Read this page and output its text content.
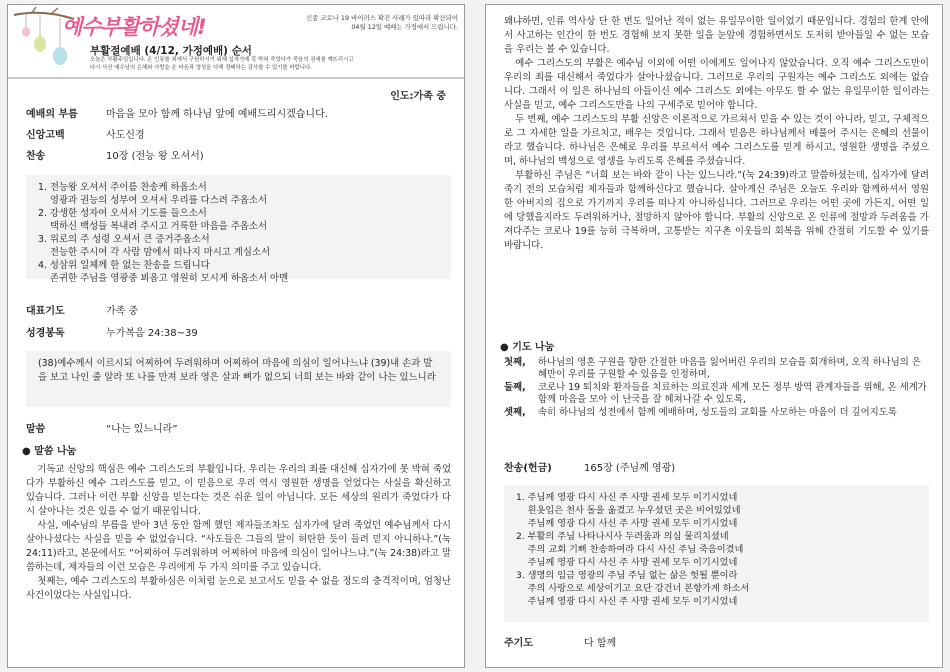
예수부활하셨네!	신종 코로나 19 바이러스 확진 사례가 있따라 확산되어
04월 12일 예배는 가정에서 드립니다.
부활절예배 (4/12, 가정예배) 순서
오늘은 부활주일입니다. 온 인류를 죄에서 구원하시기 위해 십자가에 못 박혀 죽었다가 죽음의 권세를 깨뜨리시고
다시 사신 예수님의 은혜와 사랑을 온 마음과 정성을 다해 경배하는 감사할 수 있기를 바랍니다.
인도:가족 중
예배의 부름	마음을 모아 함께 하나님 앞에 예배드리시겠습니다.
신앙고백	사도신경
찬송	10장 (전능 왕 오셔서)
1. 전능왕 오셔서 주이름 찬송케 하옵소서
영광과 권능의 성부여 오셔서 우리를 다스려 주옵소서
2. 강생한 성자여 오셔서 기도를 들으소서
택하신 백성들 복내려 주시고 거룩한 마음을 주옵소서
3. 위로의 주 성령 오셔서 큰 증거주옵소서
전능한 주시여 각 사람 맘에서 떠나지 마시고 계심소서
4. 성삼위 일체께 한 없는 찬송을 드립니다
존귀한 주님을 영광중 뵈옵고 영원히 모시게 하옵소서 아멘
대표기도	가족 중
성경봉독	누가복음 24:38~39
(38)예수께서 이르시되 어찌하여 두려워하며 어찌하여 마음에 의심이 일어나느냐 (39)내 손과 발을 보고 나인 줄 알라 또 나를 만져 보라 영은 살과 뼈가 없으되 너희 보는 바와 같이 나는 있느니라
말씀	“나는 있느니라”
● 말씀 나눔

기독교 신앙의 핵심은 예수 그리스도의 부활입니다. 우리는 우리의 죄를 대신해 십자가에 못 박혀 죽었다가 부활하신 예수 그리스도를 믿고, 이 믿음으로 우리 역시 영원한 생명을 얻었다는 사실을 확신하고 있습니다. 그러나 이런 부활 신앙을 믿는다는 것은 쉬운 일이 아닙니다. 모든 세상의 원리가 죽었다가 다시 살아나는 것은 있을 수 없기 때문입니다.

사실, 예수님의 부름을 받아 3년 동안 함께 했던 제자들조차도 십자가에 달려 죽었던 예수님께서 다시 살아나셨다는 사실을 믿을 수 없었습니다. “사도들은 그들의 말이 허탄한 듯이 들려 믿지 아니하나.”(눅 24:11)라고, 본문에서도 “어찌하여 두려워하며 어찌하여 마음에 의심이 일어나느냐.”(눅 24:38)라고 말씀하는데, 제자들의 이런 모습은 우리에게 두 가지 의미를 주고 있습니다.

첫째는, 예수 그리스도의 부활하심은 이처럼 눈으로 보고서도 믿을 수 없을 정도의 충격적이며, 엄청난 사건이었다는 사실입니다.

왜냐하면, 인류 역사상 단 한 번도 일어난 적이 없는 유일무이한 일이었기 때문입니다. 경험의 한계 안에서 사고하는 인간이 한 번도 경험해 보지 못한 일을 눈앞에 경험하면서도 도저히 받아들일 수 없는 모습을 우리는 볼 수 있습니다.

예수 그리스도의 부활은 예수님 이외에 어떤 이에게도 일어나지 않았습니다. 오직 예수 그리스도만이 우리의 죄를 대신해서 죽었다가 살아나셨습니다. 그러므로 우리의 구원자는 예수 그리스도 외에는 없습니다. 그래서 이 일은 하나님의 아들이신 예수 그리스도 외에는 아무도 할 수 없는 유일무이한 일이라는 사실을 믿고, 예수 그리스도만을 나의 구세주로 믿어야 합니다.

두 번째, 예수 그리스도의 부활 신앙은 이론적으로 가르쳐서 믿을 수 있는 것이 아니라, 믿고, 구체적으로 그 자세한 일을 가르치고, 배우는 것입니다. 그래서 믿음은 하나님께서 베풀어 주시는 은혜의 선물이라고 했습니다. 하나님은 은혜로 우리를 부르셔서 예수 그리스도를 믿게 하시고, 영원한 생명을 주셨으며, 하나님의 백성으로 영생을 누리도록 은혜를 주셨습니다.

부활하신 주님은 “너희 보는 바와 같이 나는 있느니라.”(눅 24:39)라고 말씀하셨는데, 십자가에 달려 죽기 전의 모습처럼 제자들과 함께하신다고 했습니다. 살아계신 주님은 오늘도 우리와 함께하셔서 영원한 아버지의 집으로 가기까지 우리를 떠나지 아니하십니다. 그러므로 우리는 어떤 곳에 가든지, 어떤 일에 당했을지라도 두려워하거나, 절망하지 않아야 합니다. 부활의 신앙으로 온 인류에 절망과 두려움을 가져다주는 코로나 19를 능히 극복하며, 고통받는 지구촌 이웃들의 회복을 위해 간절히 기도할 수 있기를 바랍니다.

● 기도 나눔
첫째,	하나님의 영혼 구원을 향한 간절한 마음을 잃어버린 우리의 모습을 회개하며, 오직 하나님의 은혜만이 우리를 구원할 수 있음을 인정하며,
둘째,	코로나 19 퇴치와 환자들을 치료하는 의료진과 세계 모든 정부 방역 관계자들을 위해, 온 세계가 함께 마음을 모아 이 난국을 잘 헤쳐나갈 수 있도록,
셋째,	속히 하나님의 성전에서 함께 예배하며, 성도들의 교회를 사모하는 마음이 더 깊어지도록
찬송(헌금)	165장 (주님께 영광)
1. 주님께 영광 다시 사신 주 사망 권세 모두 이기시었네
흰옷입은 천사 돌을 옮겼고 누우셨던 곳은 비어있었네
주님께 영광 다시 사신 주 사망 권세 모두 이기시었네
2. 부활의 주님 나타나시사 두려움과 의심 물리치셨네
주의 교회 기뻐 찬송하여라 다시 사신 주님 죽음이겼네
주님께 영광 다시 사신 주 사망 권세 모두 이기시었네
3. 생명의 임금 영광의 주님 주님 없는 삶은 헛될 뿐이라
주의 사랑으로 세상이기고 요단 강건너 본향가게 하소서
주님께 영광 다시 사신 주 사망 권세 모두 이기시었네
주기도	다 함께
